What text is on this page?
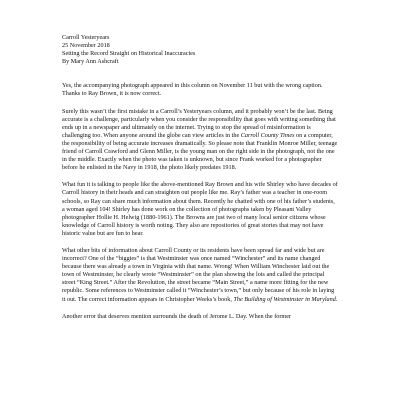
Carroll Yesteryears

25 November 2018

Setting the Record Straight on Historical Inaccuracies

By Mary Ann Ashcraft

Yes, the accompanying photograph appeared in this column on November 11 but with the wrong caption. Thanks to Ray Brown, it is now correct.

Surely this wasn’t the first mistake in a Carroll’s Yesteryears column, and it probably won’t be the last. Being accurate is a challenge, particularly when you consider the responsibility that goes with writing something that ends up in a newspaper and ultimately on the internet. Trying to stop the spread of misinformation is challenging too. When anyone around the globe can view articles in the Carroll County Times on a computer, the responsibility of being accurate increases dramatically. So please note that Franklin Monroe Miller, teenage friend of Carroll Crawford and Glenn Miller, is the young man on the right side in the photograph, not the one in the middle. Exactly when the photo was taken is unknown, but since Frank worked for a photographer before he enlisted in the Navy in 1918, the photo likely predates 1918.

What fun it is talking to people like the above-mentioned Ray Brown and his wife Shirley who have decades of Carroll history in their heads and can straighten out people like me. Ray’s father was a teacher in one-room schools, so Ray can share much information about them. Recently he chatted with one of his father’s students, a woman aged 104! Shirley has done work on the collection of photographs taken by Pleasant Valley photographer Hollie H. Helwig (1880-1961). The Browns are just two of many local senior citizens whose knowledge of Carroll history is worth noting. They also are repositories of great stories that may not have historic value but are fun to hear.

What other bits of information about Carroll County or its residents have been spread far and wide but are incorrect? One of the “biggies” is that Westminster was once named “Winchester” and its name changed because there was already a town in Virginia with that name. Wrong! When William Winchester laid out the town of Westminster, he clearly wrote “Westminster” on the plan showing the lots and called the principal street “King Street.” After the Revolution, the street became “Main Street,” a name more fitting for the new republic. Some references to Westminster called it “Winchester’s town,” but only because of his role in laying it out. The correct information appears in Christopher Weeks’s book, The Building of Westminster in Maryland.

Another error that deserves mention surrounds the death of Jerome L. Day. When the former
